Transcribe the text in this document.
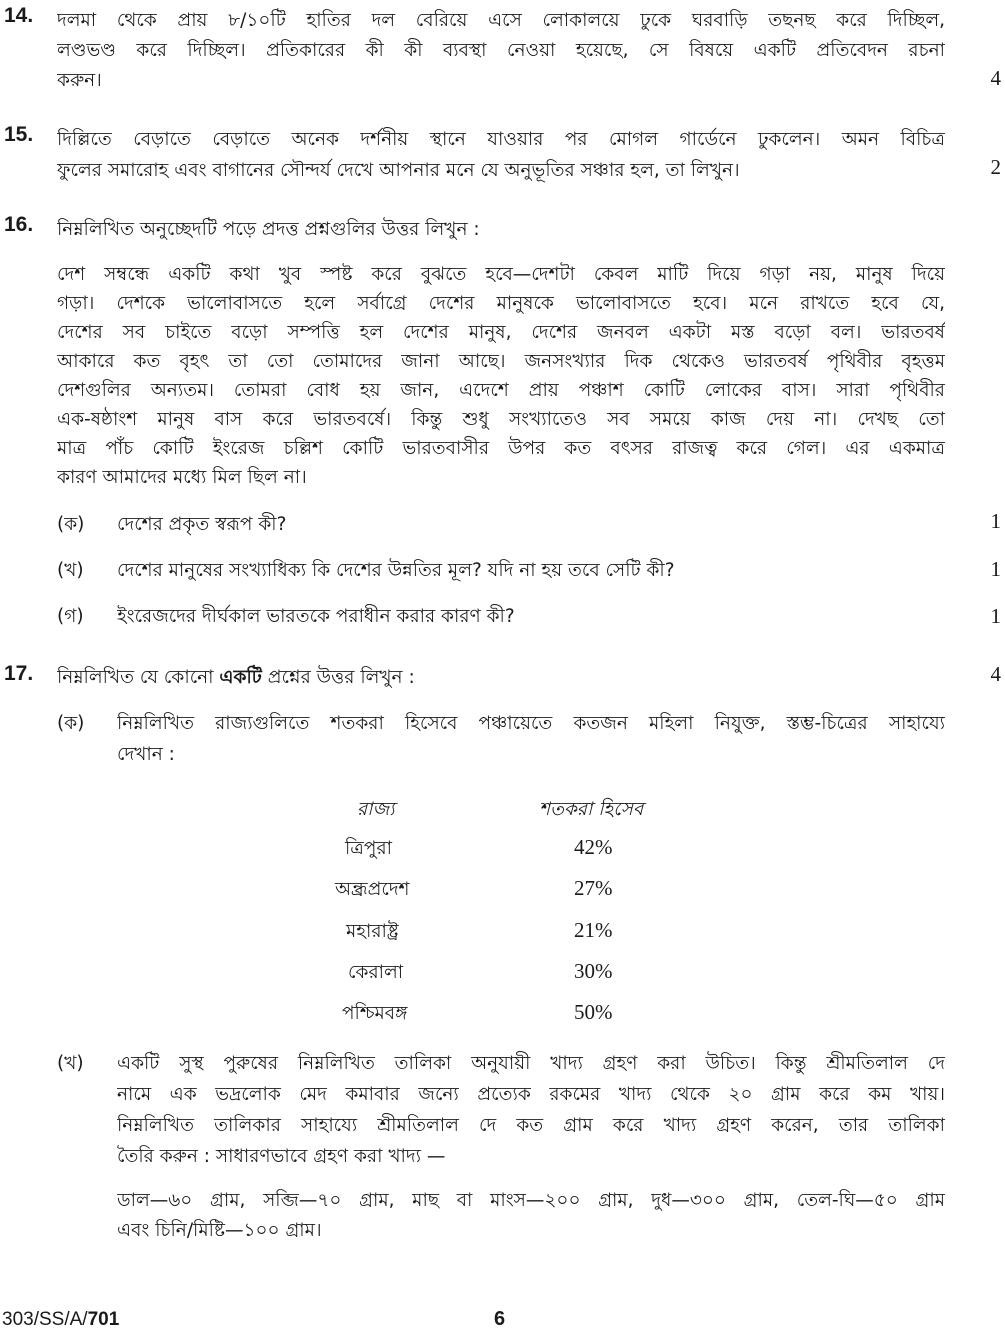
14. দলমা থেকে প্রায় ৮/১০টি হাতির দল বেরিয়ে এসে লোকালয়ে ঢুকে ঘরবাড়ি তছনছ করে দিচ্ছিল,
লণ্ডভণ্ড করে দিচ্ছিল। প্রতিকারের কী কী ব্যবস্থা নেওয়া হয়েছে, সে বিষয়ে একটি প্রতিবেদন রচনা
করুন।	4
15. দিল্লিতে বেড়াতে বেড়াতে অনেক দর্শনীয় স্থানে যাওয়ার পর মোগল গার্ডেনে ঢুকলেন। অমন বিচিত্র
ফুলের সমারোহ এবং বাগানের সৌন্দর্য দেখে আপনার মনে যে অনুভূতির সঞ্চার হল, তা লিখুন।	2
16. নিম্নলিখিত অনুচ্ছেদটি পড়ে প্রদত্ত প্রশ্নগুলির উত্তর লিখুন :
দেশ সম্বন্ধে একটি কথা খুব স্পষ্ট করে বুঝতে হবে—দেশটা কেবল মাটি দিয়ে গড়া নয়, মানুষ দিয়ে
গড়া। দেশকে ভালোবাসতে হলে সর্বাগ্রে দেশের মানুষকে ভালোবাসতে হবে। মনে রাখতে হবে যে,
দেশের সব চাইতে বড়ো সম্পত্তি হল দেশের মানুষ, দেশের জনবল একটা মস্ত বড়ো বল। ভারতবর্ষ
আকারে কত বৃহৎ তা তো তোমাদের জানা আছে। জনসংখ্যার দিক থেকেও ভারতবর্ষ পৃথিবীর বৃহত্তম
দেশগুলির অন্যতম। তোমরা বোধ হয় জান, এদেশে প্রায় পঞ্চাশ কোটি লোকের বাস। সারা পৃথিবীর
এক-ষষ্ঠাংশ মানুষ বাস করে ভারতবর্ষে। কিন্তু শুধু সংখ্যাতেও সব সময়ে কাজ দেয় না। দেখছ তো
মাত্র পাঁচ কোটি ইংরেজ চল্লিশ কোটি ভারতবাসীর উপর কত বৎসর রাজত্ব করে গেল। এর একমাত্র
কারণ আমাদের মধ্যে মিল ছিল না।
(ক) দেশের প্রকৃত স্বরূপ কী?	1
(খ) দেশের মানুষের সংখ্যাধিক্য কি দেশের উন্নতির মূল? যদি না হয় তবে সেটি কী?	1
(গ) ইংরেজদের দীর্ঘকাল ভারতকে পরাধীন করার কারণ কী?	1
17. নিম্নলিখিত যে কোনো একটি প্রশ্নের উত্তর লিখুন :	4
(ক) নিম্নলিখিত রাজ্যগুলিতে শতকরা হিসেবে পঞ্চায়েতে কতজন মহিলা নিযুক্ত, স্তম্ভ-চিত্রের সাহায্যে
দেখান :
রাজ্য	শতকরা হিসেব
ত্রিপুরা	42%
অন্ধ্রপ্রদেশ	27%
মহারাষ্ট্র	21%
কেরালা	30%
পশ্চিমবঙ্গ	50%
(খ) একটি সুস্থ পুরুষের নিম্নলিখিত তালিকা অনুযায়ী খাদ্য গ্রহণ করা উচিত। কিন্তু শ্রীমতিলাল দে
নামে এক ভদ্রলোক মেদ কমাবার জন্যে প্রত্যেক রকমের খাদ্য থেকে ২০ গ্রাম করে কম খায়।
নিম্নলিখিত তালিকার সাহায্যে শ্রীমতিলাল দে কত গ্রাম করে খাদ্য গ্রহণ করেন, তার তালিকা
তৈরি করুন : সাধারণভাবে গ্রহণ করা খাদ্য —
ডাল—৬০ গ্রাম, সব্জি—৭০ গ্রাম, মাছ বা মাংস—২০০ গ্রাম, দুধ—৩০০ গ্রাম, তেল-ঘি—৫০ গ্রাম
এবং চিনি/মিষ্টি—১০০ গ্রাম।
303/SS/A/701	6
